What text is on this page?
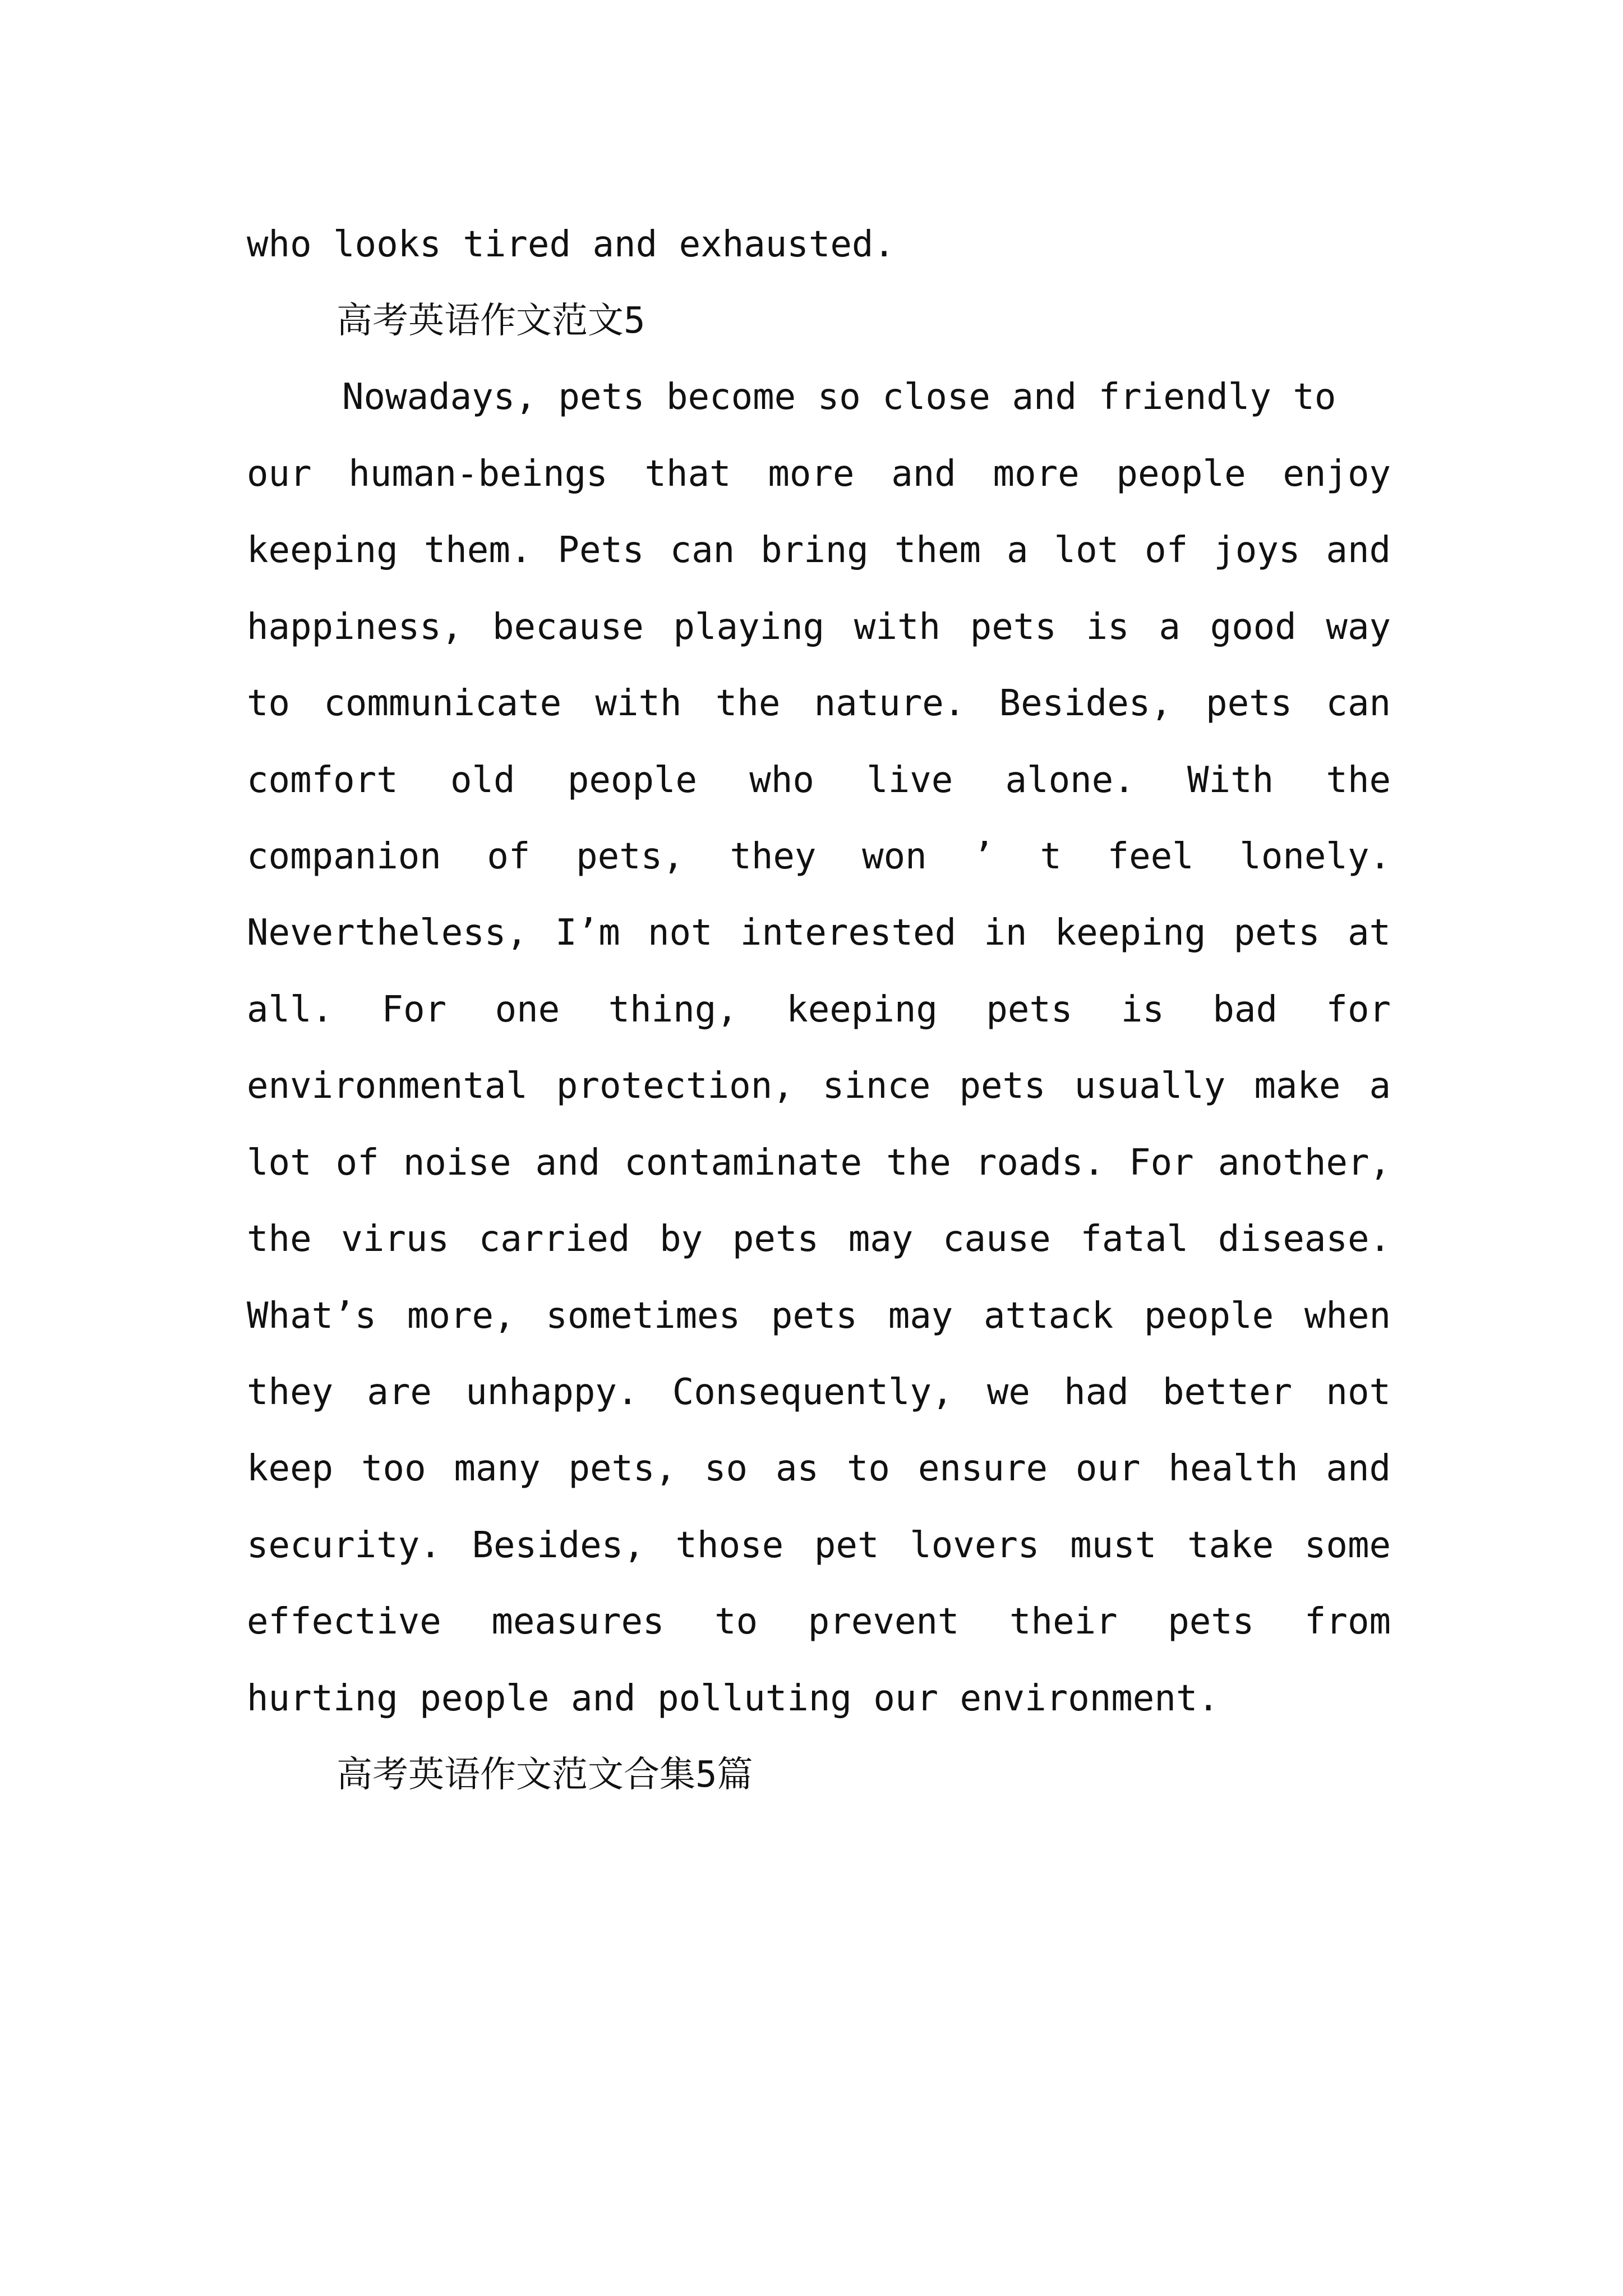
who looks tired and exhausted.
高考英语作文范文5
Nowadays, pets become so close and friendly to
our human-beings that more and more people enjoy
keeping them. Pets can bring them a lot of joys and
happiness, because playing with pets is a good way
to communicate with the nature. Besides, pets can
comfort old people who live alone. With the
companion of pets, they won ’ t feel lonely.
Nevertheless, I’m not interested in keeping pets at
all. For one thing, keeping pets is bad for
environmental protection, since pets usually make a
lot of noise and contaminate the roads. For another,
the virus carried by pets may cause fatal disease.
What’s more, sometimes pets may attack people when
they are unhappy. Consequently, we had better not
keep too many pets, so as to ensure our health and
security. Besides, those pet lovers must take some
effective measures to prevent their pets from
hurting people and polluting our environment.
高考英语作文范文合集5篇
